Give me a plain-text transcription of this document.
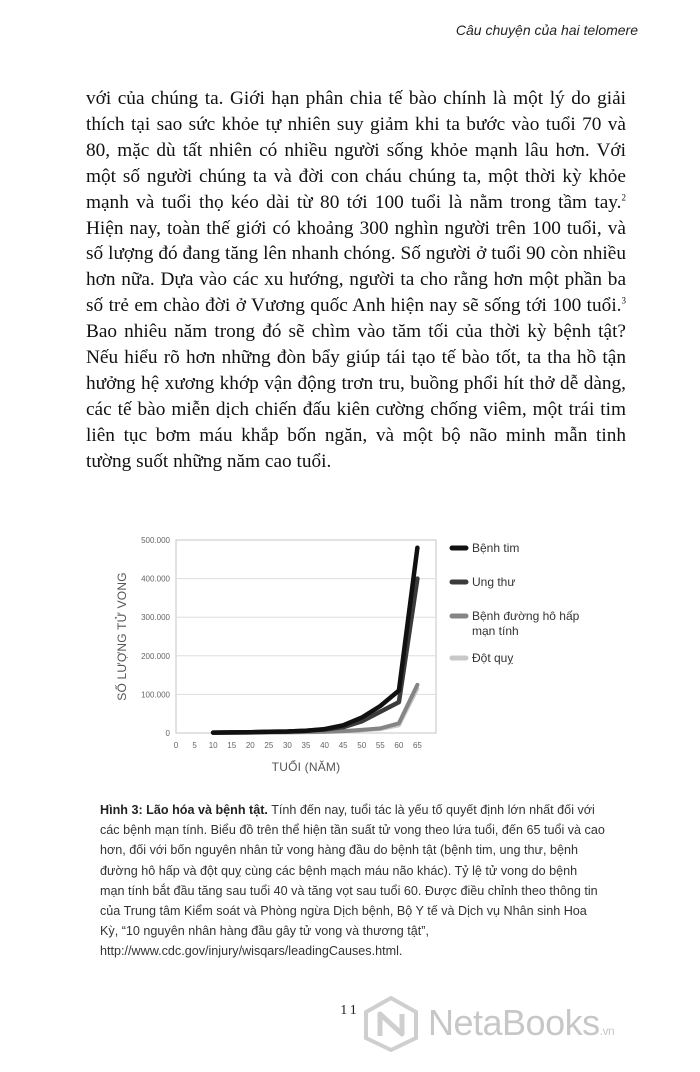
Câu chuyện của hai telomere

với của chúng ta. Giới hạn phân chia tế bào chính là một lý do giải thích tại sao sức khỏe tự nhiên suy giảm khi ta bước vào tuổi 70 và 80, mặc dù tất nhiên có nhiều người sống khỏe mạnh lâu hơn. Với một số người chúng ta và đời con cháu chúng ta, một thời kỳ khỏe mạnh và tuổi thọ kéo dài từ 80 tới 100 tuổi là nằm trong tầm tay.$^2$ Hiện nay, toàn thế giới có khoảng 300 nghìn người trên 100 tuổi, và số lượng đó đang tăng lên nhanh chóng. Số người ở tuổi 90 còn nhiều hơn nữa. Dựa vào các xu hướng, người ta cho rằng hơn một phần ba số trẻ em chào đời ở Vương quốc Anh hiện nay sẽ sống tới 100 tuổi.$^3$ Bao nhiêu năm trong đó sẽ chìm vào tăm tối của thời kỳ bệnh tật? Nếu hiểu rõ hơn những đòn bẩy giúp tái tạo tế bào tốt, ta tha hồ tận hưởng hệ xương khớp vận động trơn tru, buồng phổi hít thở dễ dàng, các tế bào miễn dịch chiến đấu kiên cường chống viêm, một trái tim liên tục bơm máu khắp bốn ngăn, và một bộ não minh mẫn tinh tường suốt những năm cao tuổi.

0
100.000
200.000
300.000
400.000
500.000
0 5 10 15 20 25 30 35 40 45 50 55 60 65
Bệnh tim
Ung thư
Bệnh đường hô hấp
mạn tính
Đột quỵ
SỐ LƯỢNG TỬ VONG
TUỔI (NĂM)
Hình 3: Lão hóa và bệnh tật. Tính đến nay, tuổi tác là yếu tố quyết định lớn nhất đối với các bệnh mạn tính. Biểu đồ trên thể hiện tần suất tử vong theo lứa tuổi, đến 65 tuổi và cao hơn, đối với bốn nguyên nhân tử vong hàng đầu do bệnh tật (bệnh tim, ung thư, bệnh đường hô hấp và đột quỵ cùng các bệnh mạch máu não khác). Tỷ lệ tử vong do bệnh mạn tính bắt đầu tăng sau tuổi 40 và tăng vọt sau tuổi 60. Được điều chỉnh theo thông tin của Trung tâm Kiểm soát và Phòng ngừa Dịch bệnh, Bộ Y tế và Dịch vụ Nhân sinh Hoa Kỳ, “10 nguyên nhân hàng đầu gây tử vong và thương tật”, http://www.cdc.gov/injury/wisqars/leadingCauses.html.
11	NetaBooks.vn
